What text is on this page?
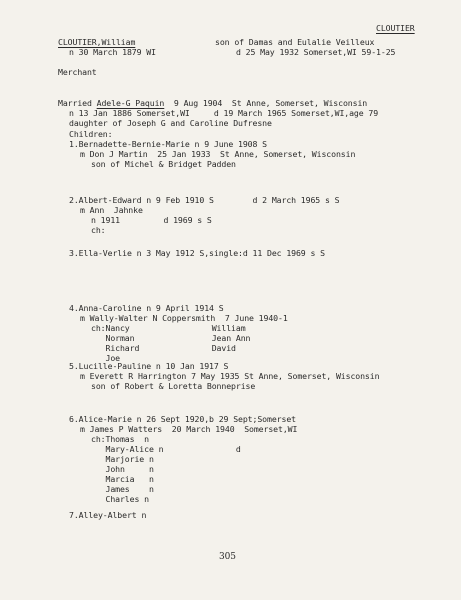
CLOUTIER
CLOUTIER,William	son of Damas and Eulalie Veilleux
n 30 March 1879 WI	d 25 May 1932 Somerset,WI 59-1-25
Merchant
Married Adele-G Paquin  9 Aug 1904  St Anne, Somerset, Wisconsin
n 13 Jan 1886 Somerset,WI     d 19 March 1965 Somerset,WI,age 79
daughter of Joseph G and Caroline Dufresne
Children:
1.Bernadette-Bernie-Marie n 9 June 1908 S
m Don J Martin  25 Jan 1933  St Anne, Somerset, Wisconsin
son of Michel & Bridget Padden
2.Albert-Edward n 9 Feb 1910 S        d 2 March 1965 s S
m Ann  Jahnke
n 1911         d 1969 s S
ch:
3.Ella-Verlie n 3 May 1912 S,single:d 11 Dec 1969 s S
4.Anna-Caroline n 9 April 1914 S
m Wally-Walter N Coppersmith  7 June 1940-1
ch:Nancy                 William
Norman                Jean Ann
Richard               David
Joe
5.Lucille-Pauline n 10 Jan 1917 S
m Everett R Harrington 7 May 1935 St Anne, Somerset, Wisconsin
son of Robert & Loretta Bonneprise
6.Alice-Marie n 26 Sept 1920,b 29 Sept;Somerset
m James P Watters  20 March 1940  Somerset,WI
ch:Thomas  n
Mary-Alice n               d
Marjorie n
John     n
Marcia   n
James    n
Charles n
7.Alley-Albert n
305
